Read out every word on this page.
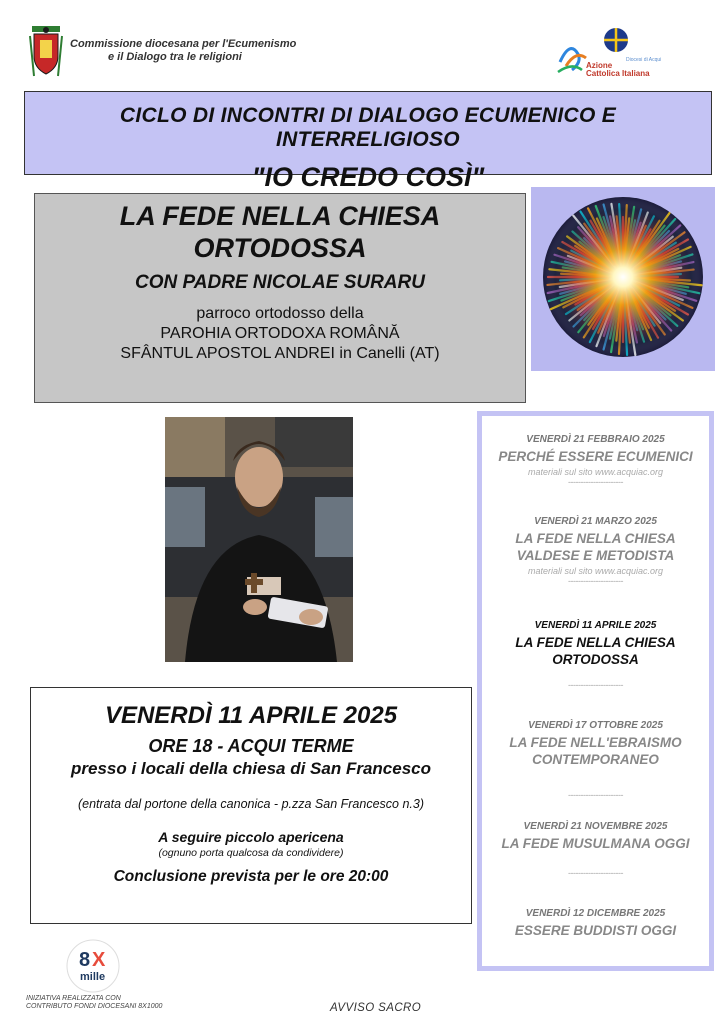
Commissione diocesana per l'Ecumenismo
e il Dialogo tra le religioni
Azione
Cattolica Italiana
Diocesi di Acqui
CICLO DI INCONTRI DI DIALOGO ECUMENICO E INTERRELIGIOSO
"IO CREDO COSÌ"
LA FEDE NELLA CHIESA
ORTODOSSA
CON PADRE NICOLAE SURARU
parroco ortodosso della
PAROHIA ORTODOXA ROMÂNĂ
SFÂNTUL APOSTOL ANDREI in Canelli (AT)
VENERDÌ 11 APRILE 2025
ORE 18 - ACQUI TERME
presso i locali della chiesa di San Francesco
(entrata dal portone della canonica - p.zza San Francesco n.3)
A seguire piccolo apericena
(ognuno porta qualcosa da condividere)
Conclusione prevista per le ore 20:00
VENERDÌ 21 FEBBRAIO 2025
PERCHÉ ESSERE ECUMENICI
materiali sul sito www.acquiac.org
----------------------
VENERDÌ 21 MARZO 2025
LA FEDE NELLA CHIESA
VALDESE E METODISTA
materiali sul sito www.acquiac.org
----------------------
VENERDÌ 11 APRILE 2025
LA FEDE NELLA CHIESA
ORTODOSSA
----------------------
VENERDÌ 17 OTTOBRE 2025
LA FEDE NELL'EBRAISMO
CONTEMPORANEO
----------------------
VENERDÌ 21 NOVEMBRE 2025
LA FEDE MUSULMANA OGGI
----------------------
VENERDÌ 12 DICEMBRE 2025
ESSERE BUDDISTI OGGI
8 X
mille
INIZIATIVA REALIZZATA CON
CONTRIBUTO FONDI DIOCESANI 8X1000	AVVISO SACRO
